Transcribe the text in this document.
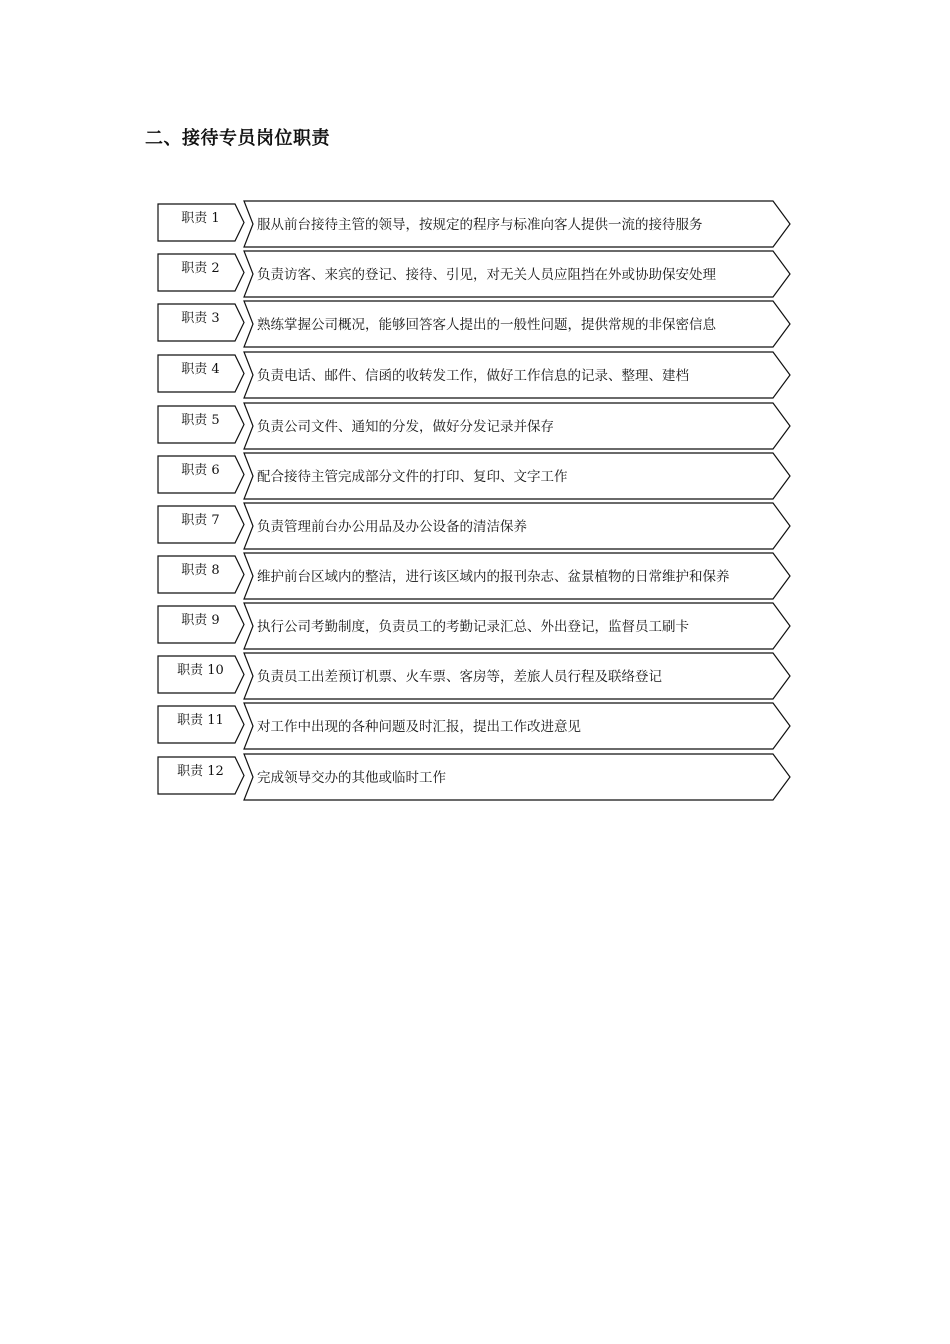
二、接待专员岗位职责
职责 1	服从前台接待主管的领导，按规定的程序与标准向客人提供一流的接待服务
职责 2	负责访客、来宾的登记、接待、引见，对无关人员应阻挡在外或协助保安处理
职责 3	熟练掌握公司概况，能够回答客人提出的一般性问题，提供常规的非保密信息
职责 4	负责电话、邮件、信函的收转发工作，做好工作信息的记录、整理、建档
职责 5	负责公司文件、通知的分发，做好分发记录并保存
职责 6	配合接待主管完成部分文件的打印、复印、文字工作
职责 7	负责管理前台办公用品及办公设备的清洁保养
职责 8	维护前台区域内的整洁，进行该区域内的报刊杂志、盆景植物的日常维护和保养
职责 9	执行公司考勤制度，负责员工的考勤记录汇总、外出登记，监督员工刷卡
职责 10 负责员工出差预订机票、火车票、客房等，差旅人员行程及联络登记
职责 11 对工作中出现的各种问题及时汇报，提出工作改进意见
职责 12 完成领导交办的其他或临时工作
